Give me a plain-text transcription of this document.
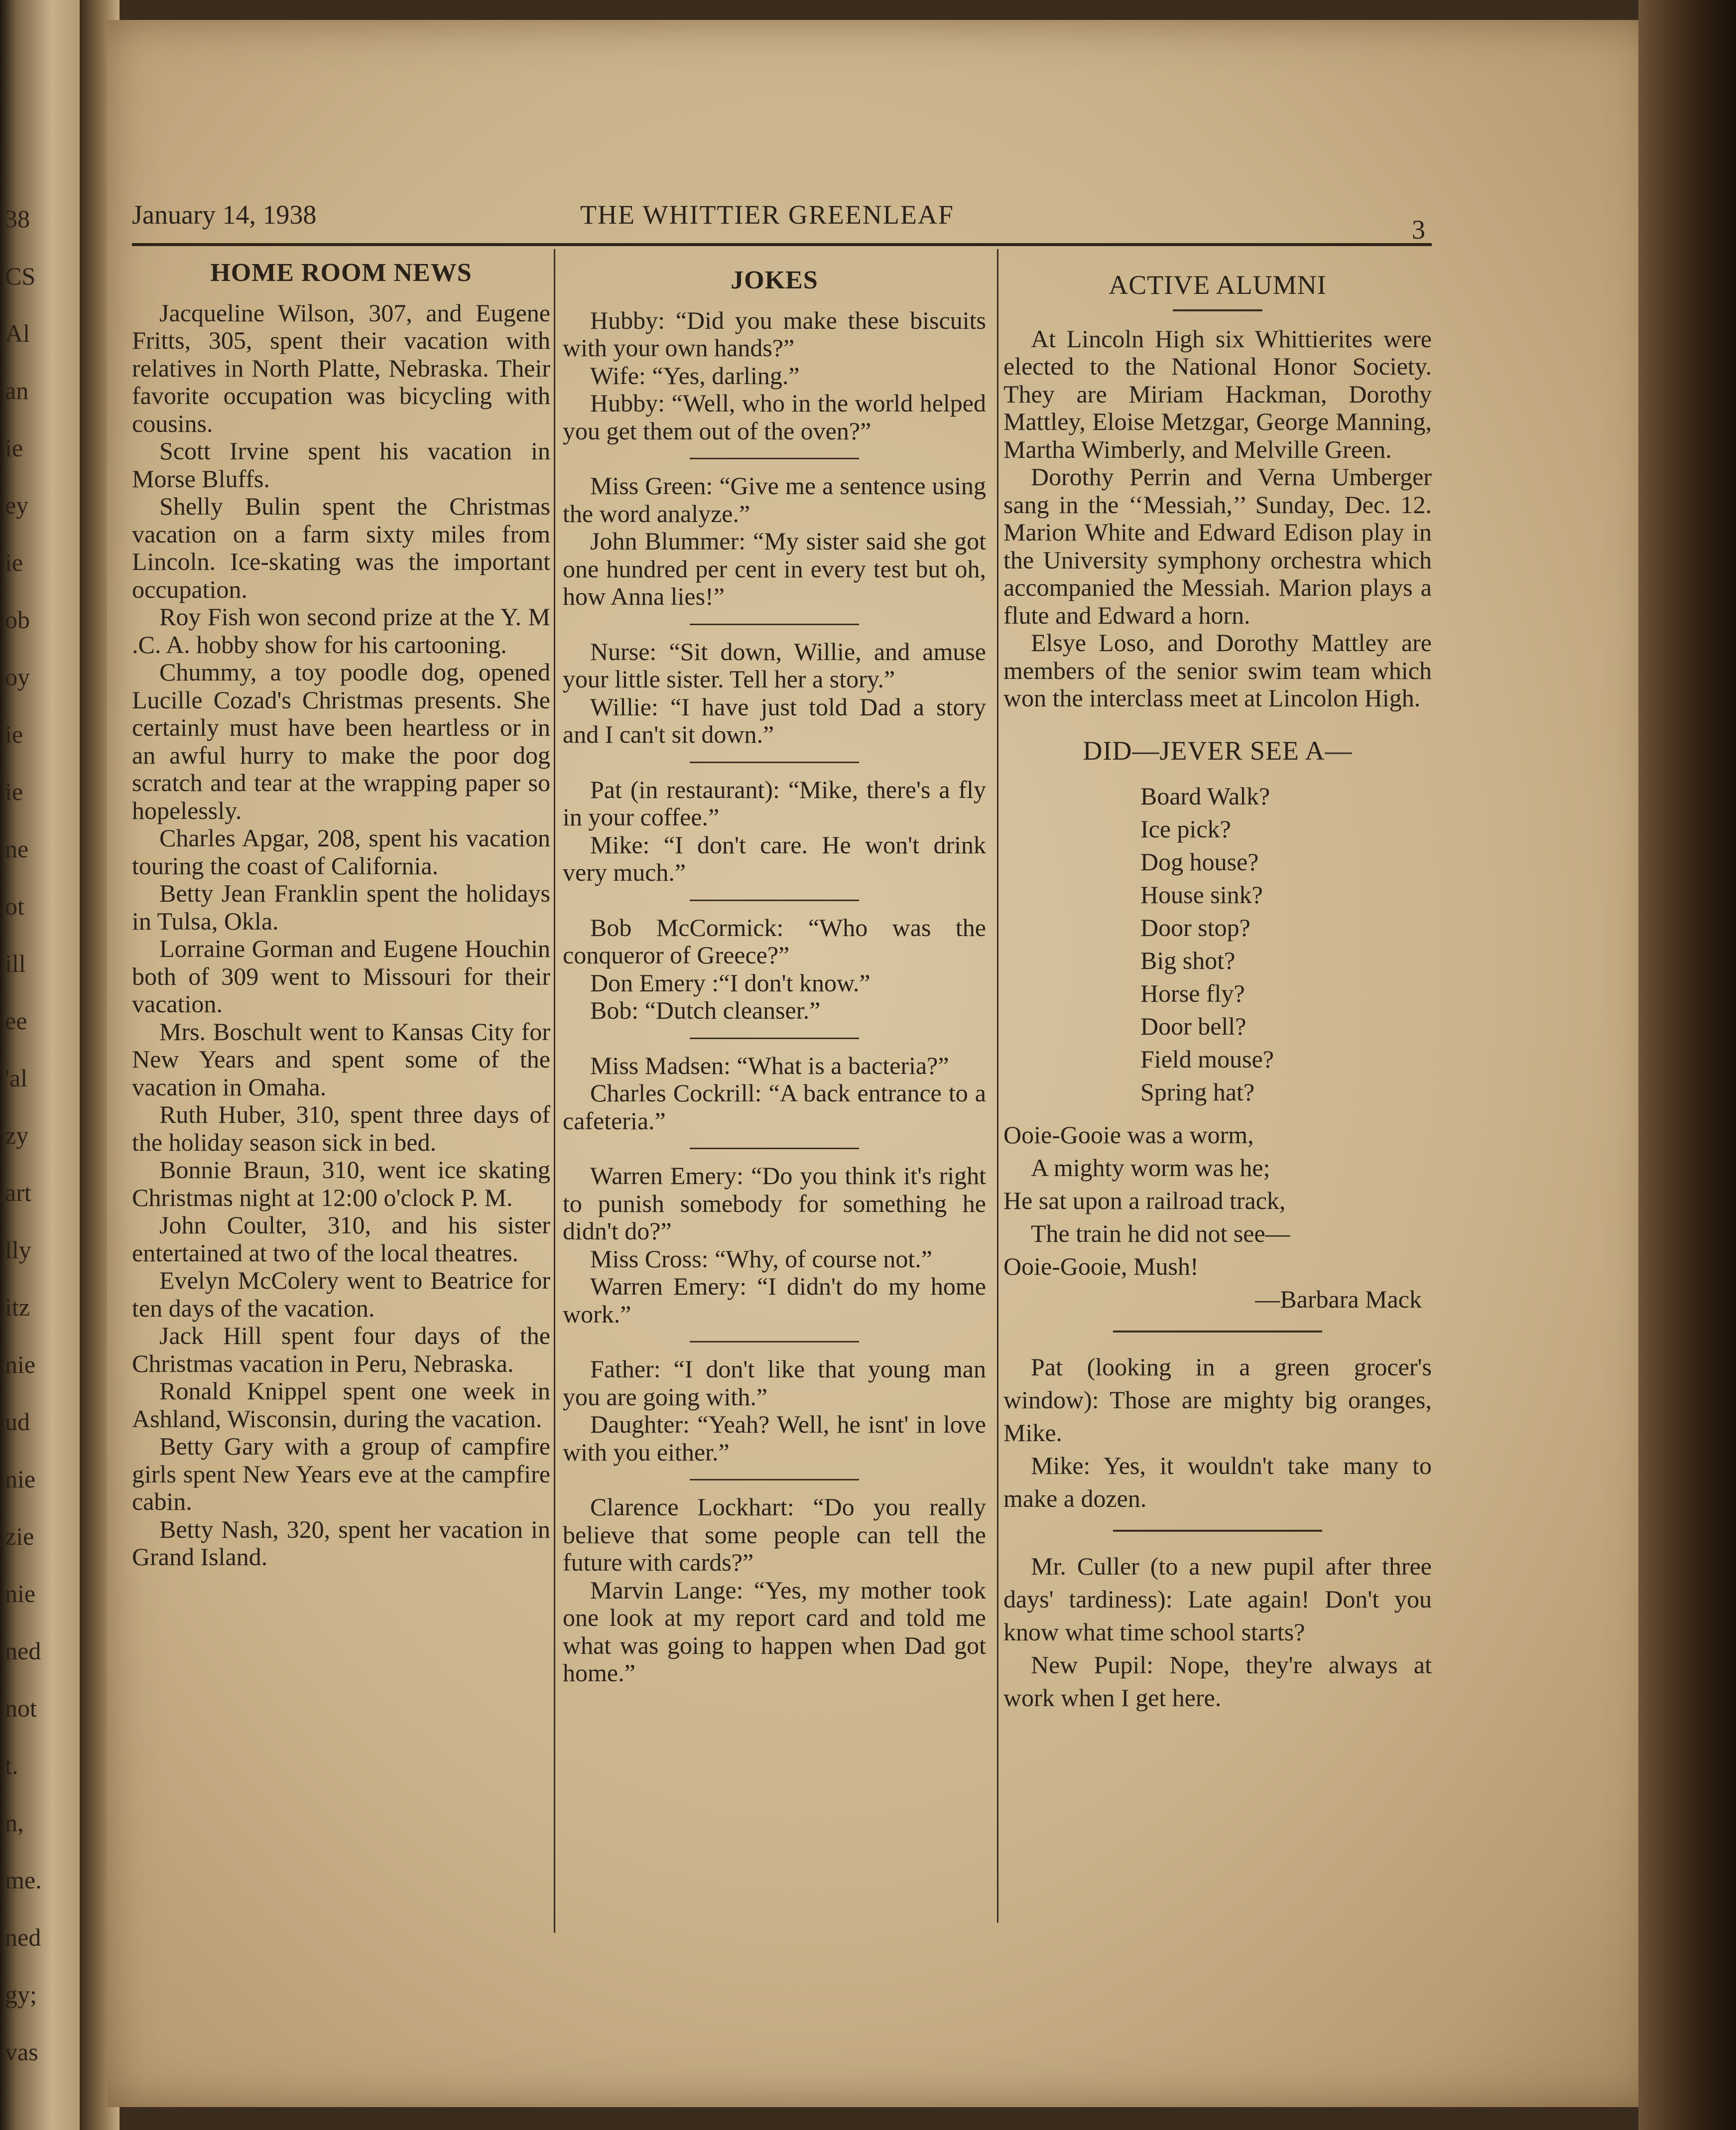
38
CS
Al
an
ie
ey
ie
ob
oy
ie
ie
ne
ot
ill
ee
'al
zy
art
lly
itz
nie
ud
nie
zie
nie
ned
not
t.
n,
me.
ned
gy;
vas
January 14, 1938	THE WHITTIER GREENLEAF	3
HOME ROOM NEWS

Jacqueline Wilson, 307, and Eugene Fritts, 305, spent their vacation with relatives in North Platte, Nebraska. Their favorite occupation was bicycling with cousins.

Scott Irvine spent his vacation in Morse Bluffs.

Shelly Bulin spent the Christmas vacation on a farm sixty miles from Lincoln. Ice-skating was the important occupation.

Roy Fish won second prize at the Y. M .C. A. hobby show for his cartooning.

Chummy, a toy poodle dog, opened Lucille Cozad's Christmas presents. She certainly must have been heartless or in an awful hurry to make the poor dog scratch and tear at the wrapping paper so hopelessly.

Charles Apgar, 208, spent his vacation touring the coast of California.

Betty Jean Franklin spent the holidays in Tulsa, Okla.

Lorraine Gorman and Eugene Houchin both of 309 went to Missouri for their vacation.

Mrs. Boschult went to Kansas City for New Years and spent some of the vacation in Omaha.

Ruth Huber, 310, spent three days of the holiday season sick in bed.

Bonnie Braun, 310, went ice skating Christmas night at 12:00 o'clock P. M.

John Coulter, 310, and his sister entertained at two of the local theatres.

Evelyn McColery went to Beatrice for ten days of the vacation.

Jack Hill spent four days of the Christmas vacation in Peru, Nebraska.

Ronald Knippel spent one week in Ashland, Wisconsin, during the vacation.

Betty Gary with a group of campfire girls spent New Years eve at the campfire cabin.

Betty Nash, 320, spent her vacation in Grand Island.

JOKES

Hubby: “Did you make these biscuits with your own hands?”

Wife: “Yes, darling.”

Hubby: “Well, who in the world helped you get them out of the oven?”

Miss Green: “Give me a sentence using the word analyze.”

John Blummer: “My sister said she got one hundred per cent in every test but oh, how Anna lies!”

Nurse: “Sit down, Willie, and amuse your little sister. Tell her a story.”

Willie: “I have just told Dad a story and I can't sit down.”

Pat (in restaurant): “Mike, there's a fly in your coffee.”

Mike: “I don't care. He won't drink very much.”

Bob McCormick: “Who was the conqueror of Greece?”

Don Emery :“I don't know.”

Bob: “Dutch cleanser.”

Miss Madsen: “What is a bacteria?”

Charles Cockrill: “A back entrance to a cafeteria.”

Warren Emery: “Do you think it's right to punish somebody for something he didn't do?”

Miss Cross: “Why, of course not.”

Warren Emery: “I didn't do my home work.”

Father: “I don't like that young man you are going with.”

Daughter: “Yeah? Well, he isnt' in love with you either.”

Clarence Lockhart: “Do you really believe that some people can tell the future with cards?”

Marvin Lange: “Yes, my mother took one look at my report card and told me what was going to happen when Dad got home.”

ACTIVE ALUMNI

At Lincoln High six Whittierites were elected to the National Honor Society. They are Miriam Hackman, Dorothy Mattley, Eloise Metzgar, George Manning, Martha Wimberly, and Melville Green.

Dorothy Perrin and Verna Umberger sang in the ‘‘Messiah,’’ Sunday, Dec. 12. Marion White and Edward Edison play in the University symphony orchestra which accompanied the Messiah. Marion plays a flute and Edward a horn.

Elsye Loso, and Dorothy Mattley are members of the senior swim team which won the interclass meet at Lincolon High.

DID—JEVER SEE A—
Board Walk?
Ice pick?
Dog house?
House sink?
Door stop?
Big shot?
Horse fly?
Door bell?
Field mouse?
Spring hat?
Ooie-Gooie was a worm,
A mighty worm was he;
He sat upon a railroad track,
The train he did not see—
Ooie-Gooie, Mush!
—Barbara Mack

Pat (looking in a green grocer's window): Those are mighty big oranges, Mike.

Mike: Yes, it wouldn't take many to make a dozen.

Mr. Culler (to a new pupil after three days' tardiness): Late again! Don't you know what time school starts?

New Pupil: Nope, they're always at work when I get here.
